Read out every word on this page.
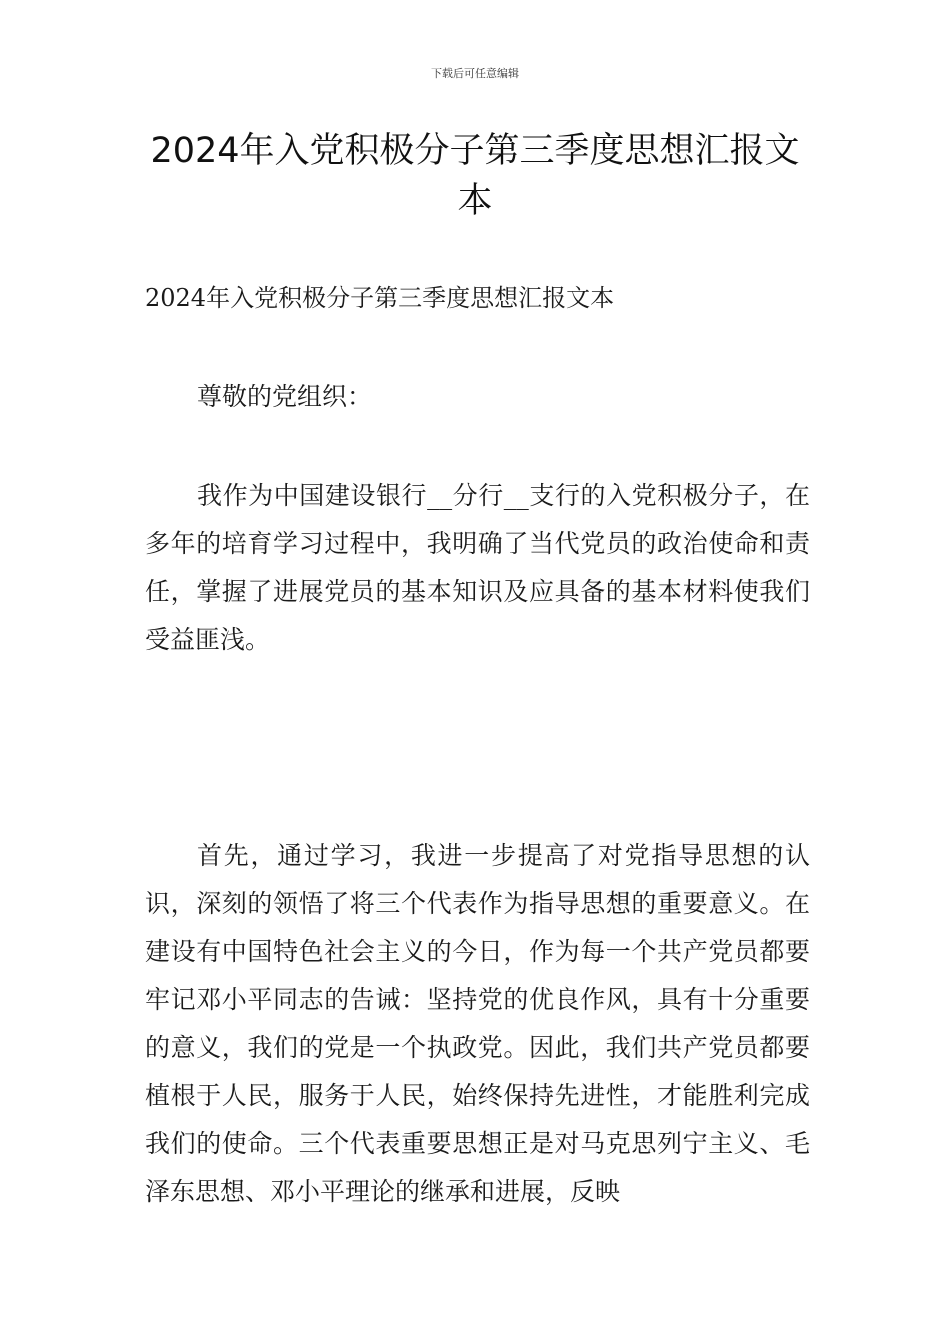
下载后可任意编辑
2024年入党积极分子第三季度思想汇报文本

2024年入党积极分子第三季度思想汇报文本

尊敬的党组织：

我作为中国建设银行__分行__支行的入党积极分子，在多年的培育学习过程中，我明确了当代党员的政治使命和责任，掌握了进展党员的基本知识及应具备的基本材料使我们受益匪浅。

首先，通过学习，我进一步提高了对党指导思想的认识，深刻的领悟了将三个代表作为指导思想的重要意义。在建设有中国特色社会主义的今日，作为每一个共产党员都要牢记邓小平同志的告诫：坚持党的优良作风，具有十分重要的意义，我们的党是一个执政党。因此，我们共产党员都要植根于人民，服务于人民，始终保持先进性，才能胜利完成我们的使命。三个代表重要思想正是对马克思列宁主义、毛泽东思想、邓小平理论的继承和进展，反映
